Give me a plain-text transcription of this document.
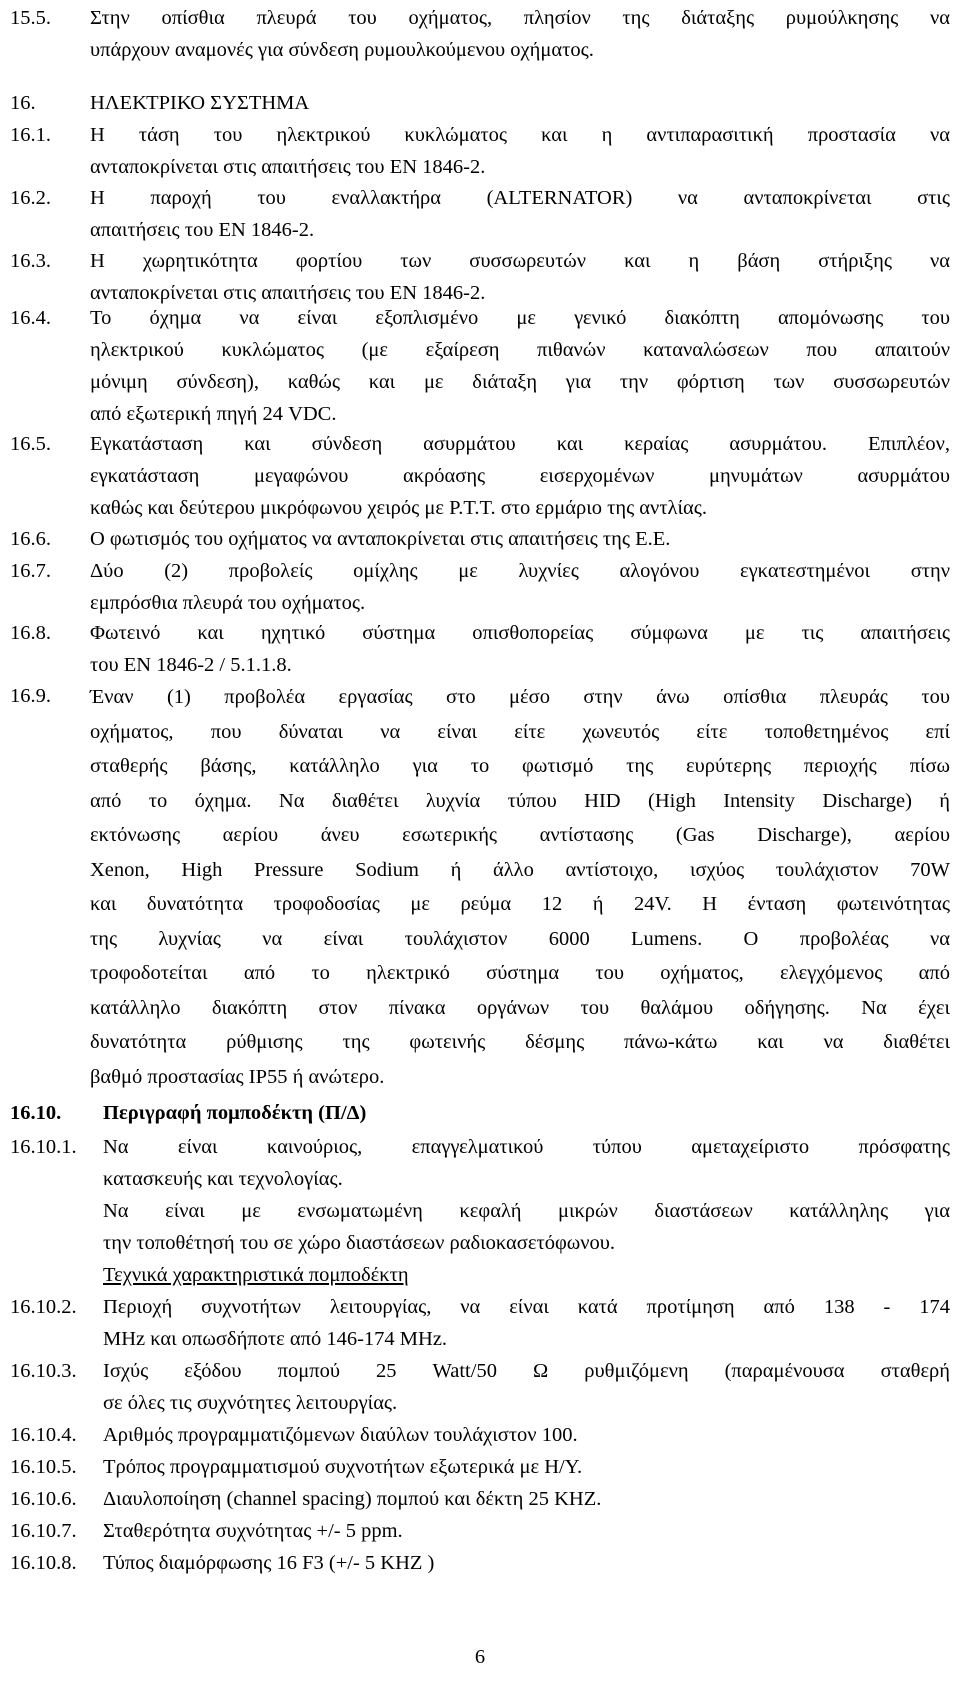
15.5. Στην οπίσθια πλευρά του οχήματος, πλησίον της διάταξης ρυμούλκησης να
υπάρχουν αναμονές για σύνδεση ρυμουλκούμενου οχήματος.
16.	ΗΛΕΚΤΡΙΚΟ ΣΥΣΤΗΜΑ
16.1. Η τάση του ηλεκτρικού κυκλώματος και η αντιπαρασιτική προστασία να
ανταποκρίνεται στις απαιτήσεις του EN 1846-2.
16.2. Η παροχή του εναλλακτήρα (ALTERNATOR) να ανταποκρίνεται στις
απαιτήσεις του EN 1846-2.
16.3. Η χωρητικότητα φορτίου των συσσωρευτών και η βάση στήριξης να
ανταποκρίνεται στις απαιτήσεις του EN 1846-2.
16.4. Το όχημα να είναι εξοπλισμένο με γενικό διακόπτη απομόνωσης του
ηλεκτρικού κυκλώματος (με εξαίρεση πιθανών καταναλώσεων που απαιτούν
μόνιμη σύνδεση), καθώς και με διάταξη για την φόρτιση των συσσωρευτών
από εξωτερική πηγή 24 VDC.
16.5. Εγκατάσταση και σύνδεση ασυρμάτου και κεραίας ασυρμάτου. Επιπλέον,
εγκατάσταση μεγαφώνου ακρόασης εισερχομένων μηνυμάτων ασυρμάτου
καθώς και δεύτερου μικρόφωνου χειρός με Ρ.Τ.Τ. στο ερμάριο της αντλίας.
16.6. Ο φωτισμός του οχήματος να ανταποκρίνεται στις απαιτήσεις της Ε.Ε.
16.7. Δύο (2) προβολείς ομίχλης με λυχνίες αλογόνου εγκατεστημένοι στην
εμπρόσθια πλευρά του οχήματος.
16.8. Φωτεινό και ηχητικό σύστημα οπισθοπορείας σύμφωνα με τις απαιτήσεις
του EN 1846-2 / 5.1.1.8.
16.9. Έναν (1) προβολέα εργασίας στο μέσο στην άνω οπίσθια πλευράς του
οχήματος, που δύναται να είναι είτε χωνευτός είτε τοποθετημένος επί
σταθερής βάσης, κατάλληλο για το φωτισμό της ευρύτερης περιοχής πίσω
από το όχημα. Να διαθέτει λυχνία τύπου HID (High Intensity Discharge) ή
εκτόνωσης αερίου άνευ εσωτερικής αντίστασης (Gas Discharge), αερίου
Xenon, High Pressure Sodium ή άλλο αντίστοιχο, ισχύος τουλάχιστον 70W
και δυνατότητα τροφοδοσίας με ρεύμα 12 ή 24V. Η ένταση φωτεινότητας
της λυχνίας να είναι τουλάχιστον 6000 Lumens. Ο προβολέας να
τροφοδοτείται από το ηλεκτρικό σύστημα του οχήματος, ελεγχόμενος από
κατάλληλο διακόπτη στον πίνακα οργάνων του θαλάμου οδήγησης. Να έχει
δυνατότητα ρύθμισης της φωτεινής δέσμης πάνω-κάτω και να διαθέτει
βαθμό προστασίας IP55 ή ανώτερο.
16.10. Περιγραφή πομποδέκτη (Π/Δ)
16.10.1. Να είναι καινούριος, επαγγελματικού τύπου αμεταχείριστο πρόσφατης
κατασκευής και τεχνολογίας.
Να είναι με ενσωματωμένη κεφαλή μικρών διαστάσεων κατάλληλης για
την τοποθέτησή του σε χώρο διαστάσεων ραδιοκασετόφωνου.
Τεχνικά χαρακτηριστικά πομποδέκτη
16.10.2. Περιοχή συχνοτήτων λειτουργίας, να είναι κατά προτίμηση από 138 - 174
MHz και οπωσδήποτε από 146-174 MHz.
16.10.3. Ισχύς εξόδου πομπού 25 Watt/50 Ω ρυθμιζόμενη (παραμένουσα σταθερή
σε όλες τις συχνότητες λειτουργίας.
16.10.4. Αριθμός προγραμματιζόμενων διαύλων τουλάχιστον 100.
16.10.5. Τρόπος προγραμματισμού συχνοτήτων εξωτερικά με Η/Υ.
16.10.6. Διαυλοποίηση (channel spacing) πομπού και δέκτη 25 KHZ.
16.10.7. Σταθερότητα συχνότητας +/- 5 ppm.
16.10.8. Τύπος διαμόρφωσης 16 F3 (+/- 5 KHZ )
6
